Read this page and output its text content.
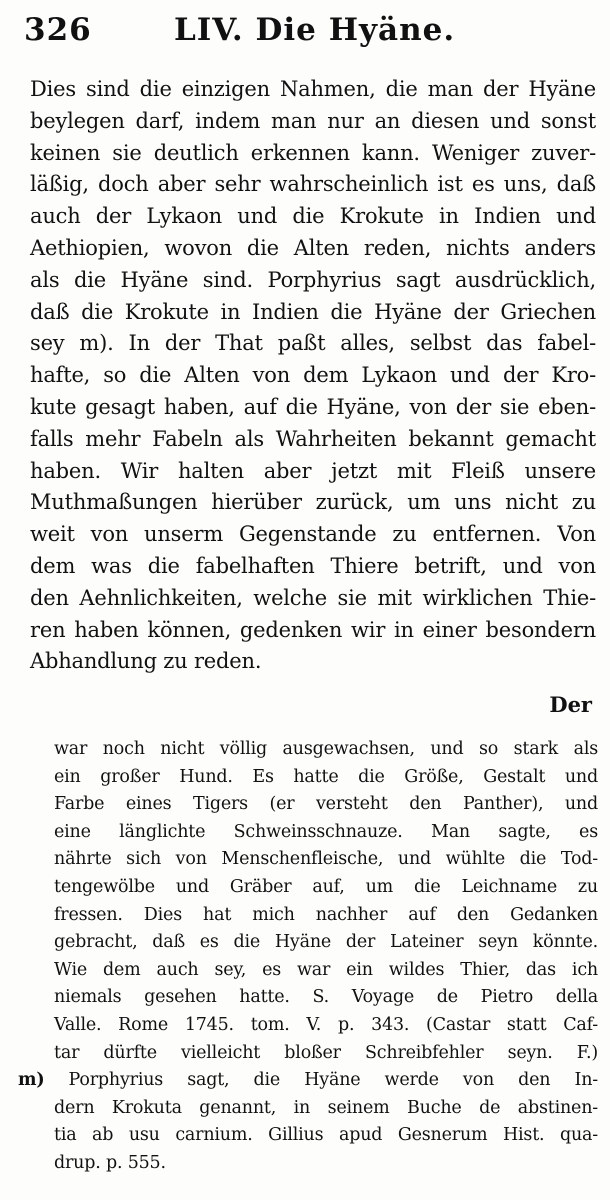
326	LIV. Die Hyäne.
Dies sind die einzigen Nahmen, die man der Hyäne
beylegen darf, indem man nur an diesen und sonst
keinen sie deutlich erkennen kann. Weniger zuver-
läßig, doch aber sehr wahrscheinlich ist es uns, daß
auch der Lykaon und die Krokute in Indien und
Aethiopien, wovon die Alten reden, nichts anders
als die Hyäne sind. Porphyrius sagt ausdrücklich,
daß die Krokute in Indien die Hyäne der Griechen
sey m). In der That paßt alles, selbst das fabel-
hafte, so die Alten von dem Lykaon und der Kro-
kute gesagt haben, auf die Hyäne, von der sie eben-
falls mehr Fabeln als Wahrheiten bekannt gemacht
haben. Wir halten aber jetzt mit Fleiß unsere
Muthmaßungen hierüber zurück, um uns nicht zu
weit von unserm Gegenstande zu entfernen. Von
dem was die fabelhaften Thiere betrift, und von
den Aehnlichkeiten, welche sie mit wirklichen Thie-
ren haben können, gedenken wir in einer besondern
Abhandlung zu reden.
Der
war noch nicht völlig ausgewachsen, und so stark als
ein großer Hund. Es hatte die Größe, Gestalt und
Farbe eines Tigers (er versteht den Panther), und
eine länglichte Schweinsschnauze. Man sagte, es
nährte sich von Menschenfleische, und wühlte die Tod-
tengewölbe und Gräber auf, um die Leichname zu
fressen. Dies hat mich nachher auf den Gedanken
gebracht, daß es die Hyäne der Lateiner seyn könnte.
Wie dem auch sey, es war ein wildes Thier, das ich
niemals gesehen hatte. S. Voyage de Pietro della
Valle. Rome 1745. tom. V. p. 343. (Castar statt Caf-
tar dürfte vielleicht bloßer Schreibfehler seyn. F.)
m) Porphyrius sagt, die Hyäne werde von den In-
dern Krokuta genannt, in seinem Buche de abstinen-
tia ab usu carnium. Gillius apud Gesnerum Hist. qua-
drup. p. 555.
